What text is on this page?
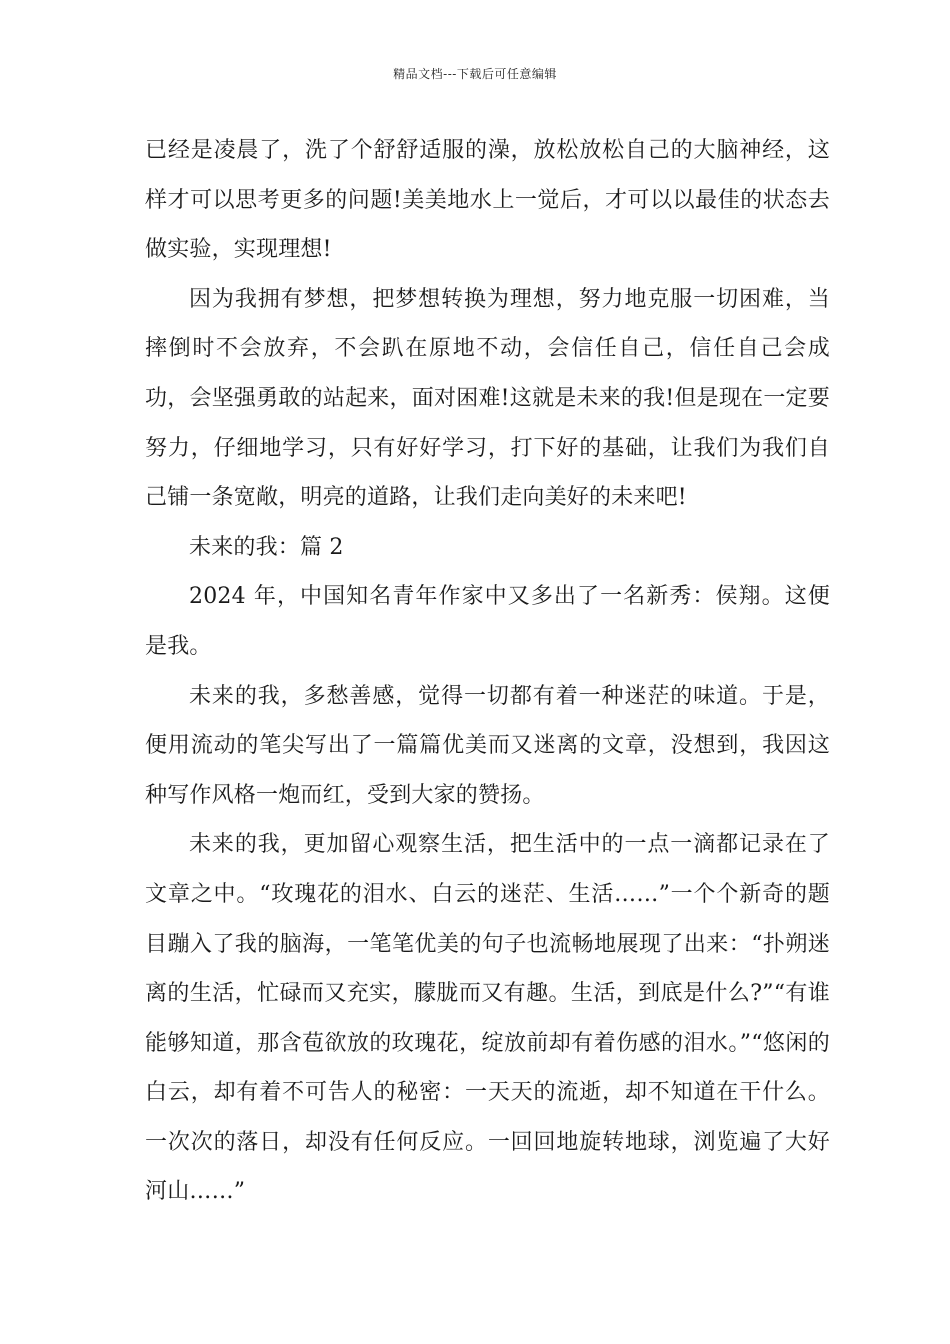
精品文档---下载后可任意编辑

已经是凌晨了，洗了个舒舒适服的澡，放松放松自己的大脑神经，这样才可以思考更多的问题!美美地水上一觉后，才可以以最佳的状态去做实验，实现理想!

因为我拥有梦想，把梦想转换为理想，努力地克服一切困难，当摔倒时不会放弃，不会趴在原地不动，会信任自己，信任自己会成功，会坚强勇敢的站起来，面对困难!这就是未来的我!但是现在一定要努力，仔细地学习，只有好好学习，打下好的基础，让我们为我们自己铺一条宽敞，明亮的道路，让我们走向美好的未来吧!

未来的我：篇 2

2024 年，中国知名青年作家中又多出了一名新秀：侯翔。这便是我。

未来的我，多愁善感，觉得一切都有着一种迷茫的味道。于是，便用流动的笔尖写出了一篇篇优美而又迷离的文章，没想到，我因这种写作风格一炮而红，受到大家的赞扬。

未来的我，更加留心观察生活，把生活中的一点一滴都记录在了文章之中。“玫瑰花的泪水、白云的迷茫、生活……”一个个新奇的题目蹦入了我的脑海，一笔笔优美的句子也流畅地展现了出来：“扑朔迷离的生活，忙碌而又充实，朦胧而又有趣。生活，到底是什么?”“有谁能够知道，那含苞欲放的玫瑰花，绽放前却有着伤感的泪水。”“悠闲的白云，却有着不可告人的秘密：一天天的流逝，却不知道在干什么。一次次的落日，却没有任何反应。一回回地旋转地球，浏览遍了大好河山……”
